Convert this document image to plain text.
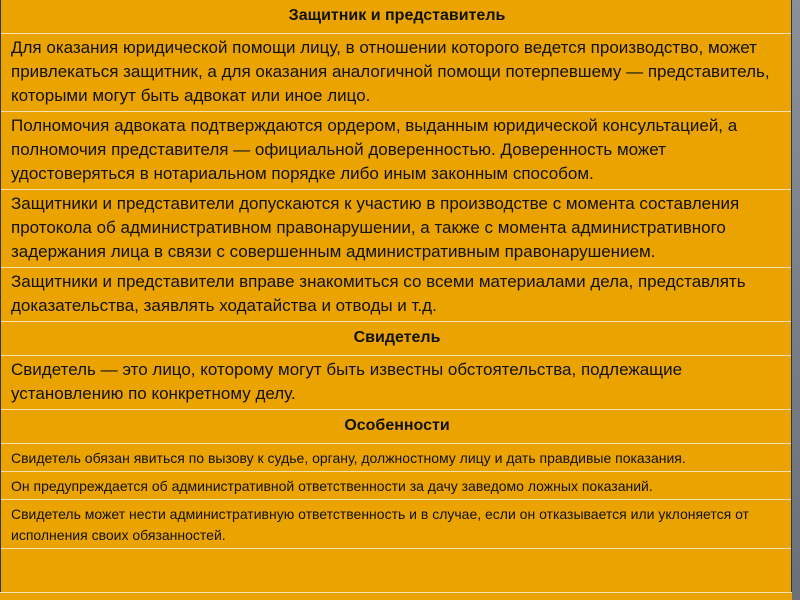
Защитник и представитель
Для оказания юридической помощи лицу, в отношении которого ведется производство, может привлекаться защитник, а для оказания аналогичной помощи потерпевшему — представитель, которыми могут быть адвокат или иное лицо.
Полномочия адвоката подтверждаются ордером, выданным юридической консультацией, а полномочия представителя — официальной доверенностью. Доверенность может удостоверяться в нотариальном порядке либо иным законным способом.
Защитники и представители допускаются к участию в производстве с момента составления протокола об административном правонарушении, а также с момента административного задержания лица в связи с совершенным административным правонарушением.
Защитники и представители вправе знакомиться со всеми материалами дела, представлять доказательства, заявлять ходатайства и отводы и т.д.
Свидетель
Свидетель — это лицо, которому могут быть известны обстоятельства, подлежащие установлению по конкретному делу.
Особенности
Свидетель обязан явиться по вызову к судье, органу, должностному лицу и дать правдивые показания.
Он предупреждается об административной ответственности за дачу заведомо ложных показаний.
Свидетель может нести административную ответственность и в случае, если он отказывается или уклоняется от исполнения своих обязанностей.
